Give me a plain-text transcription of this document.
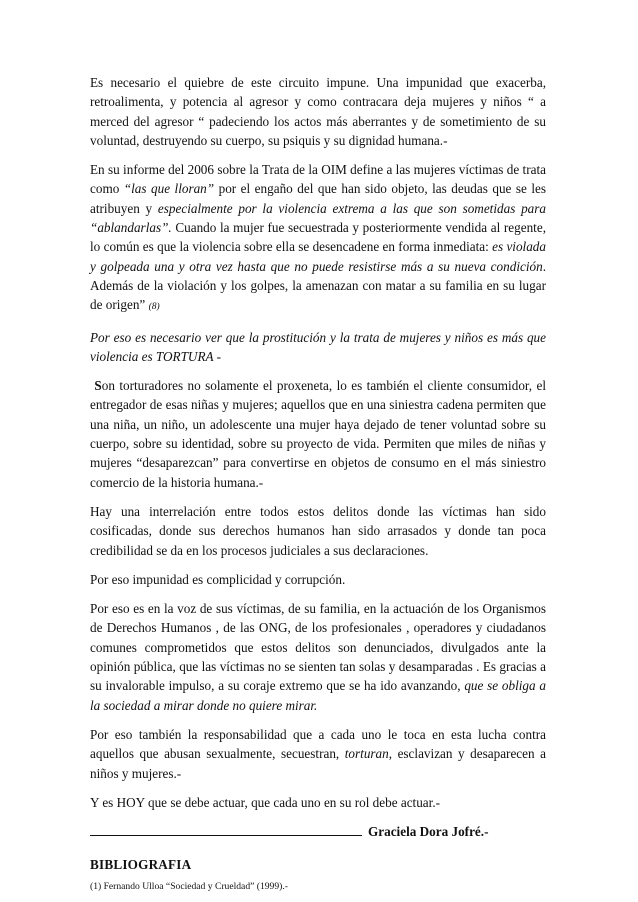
Es necesario el quiebre de este circuito impune. Una impunidad que exacerba, retroalimenta, y potencia al agresor y como contracara deja mujeres y niños “ a merced del agresor “ padeciendo los actos más aberrantes y de sometimiento de su voluntad, destruyendo su cuerpo, su psiquis y su dignidad humana.-

En su informe del 2006 sobre la Trata de la OIM define a las mujeres víctimas de trata como “las que lloran” por el engaño del que han sido objeto, las deudas que se les atribuyen y especialmente por la violencia extrema a las que son sometidas para “ablandarlas”. Cuando la mujer fue secuestrada y posteriormente vendida al regente, lo común es que la violencia sobre ella se desencadene en forma inmediata: es violada y golpeada una y otra vez hasta que no puede resistirse más a su nueva condición. Además de la violación y los golpes, la amenazan con matar a su familia en su lugar de origen” (8)

Por eso es necesario ver que la prostitución y la trata de mujeres y niños es más que violencia es TORTURA -

Son torturadores no solamente el proxeneta, lo es también el cliente consumidor, el entregador de esas niñas y mujeres; aquellos que en una siniestra cadena permiten que una niña, un niño, un adolescente una mujer haya dejado de tener voluntad sobre su cuerpo, sobre su identidad, sobre su proyecto de vida. Permiten que miles de niñas y mujeres “desaparezcan” para convertirse en objetos de consumo en el más siniestro comercio de la historia humana.-

Hay una interrelación entre todos estos delitos donde las víctimas han sido cosificadas, donde sus derechos humanos han sido arrasados y donde tan poca credibilidad se da en los procesos judiciales a sus declaraciones.

Por eso impunidad es complicidad y corrupción.

Por eso es en la voz de sus víctimas, de su familia, en la actuación de los Organismos de Derechos Humanos , de las ONG, de los profesionales , operadores y ciudadanos comunes comprometidos que estos delitos son denunciados, divulgados ante la opinión pública, que las víctimas no se sienten tan solas y desamparadas . Es gracias a su invalorable impulso, a su coraje extremo que se ha ido avanzando, que se obliga a la sociedad a mirar donde no quiere mirar.

Por eso también la responsabilidad que a cada uno le toca en esta lucha contra aquellos que abusan sexualmente, secuestran, torturan, esclavizan y desaparecen a niños y mujeres.-

Y es HOY que se debe actuar, que cada uno en su rol debe actuar.-

Graciela Dora Jofré.-
BIBLIOGRAFIA
(1) Fernando Ulloa “Sociedad y Crueldad” (1999).-
